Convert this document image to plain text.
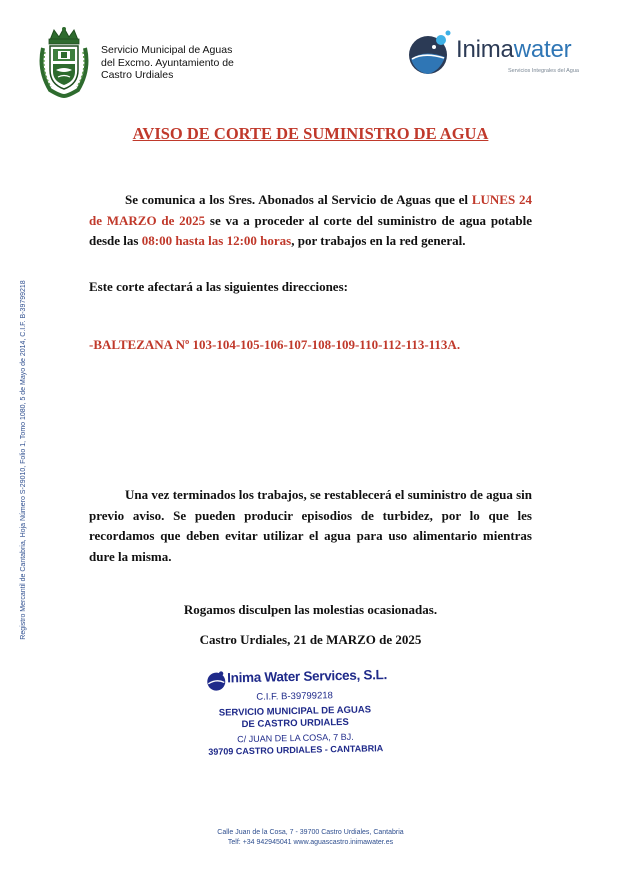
Servicio Municipal de Aguas
del Excmo. Ayuntamiento de
Castro Urdiales
Inimawater
Servicios Integrales del Agua
Registro Mercantil de Cantabria, Hoja Número S-29010, Folio 1, Tomo 1080, 5 de Mayo de 2014, C.I.F. B-39799218
AVISO DE CORTE DE SUMINISTRO DE AGUA
Se comunica a los Sres. Abonados al Servicio de Aguas que el LUNES 24 de MARZO de 2025 se va a proceder al corte del suministro de agua potable desde las 08:00 hasta las 12:00 horas, por trabajos en la red general.
Este corte afectará a las siguientes direcciones:
-BALTEZANA Nº 103-104-105-106-107-108-109-110-112-113-113A.
Una vez terminados los trabajos, se restablecerá el suministro de agua sin previo aviso. Se pueden producir episodios de turbidez, por lo que les recordamos que deben evitar utilizar el agua para uso alimentario mientras dure la misma.
Rogamos disculpen las molestias ocasionadas.
Castro Urdiales, 21 de MARZO de 2025
Inima Water Services, S.L.
C.I.F. B-39799218
SERVICIO MUNICIPAL DE AGUAS
DE CASTRO URDIALES
C/ JUAN DE LA COSA, 7 BJ.
39709 CASTRO URDIALES - CANTABRIA
Calle Juan de la Cosa, 7 - 39700 Castro Urdiales, Cantabria
Telf: +34 942945041 www.aguascastro.inimawater.es
